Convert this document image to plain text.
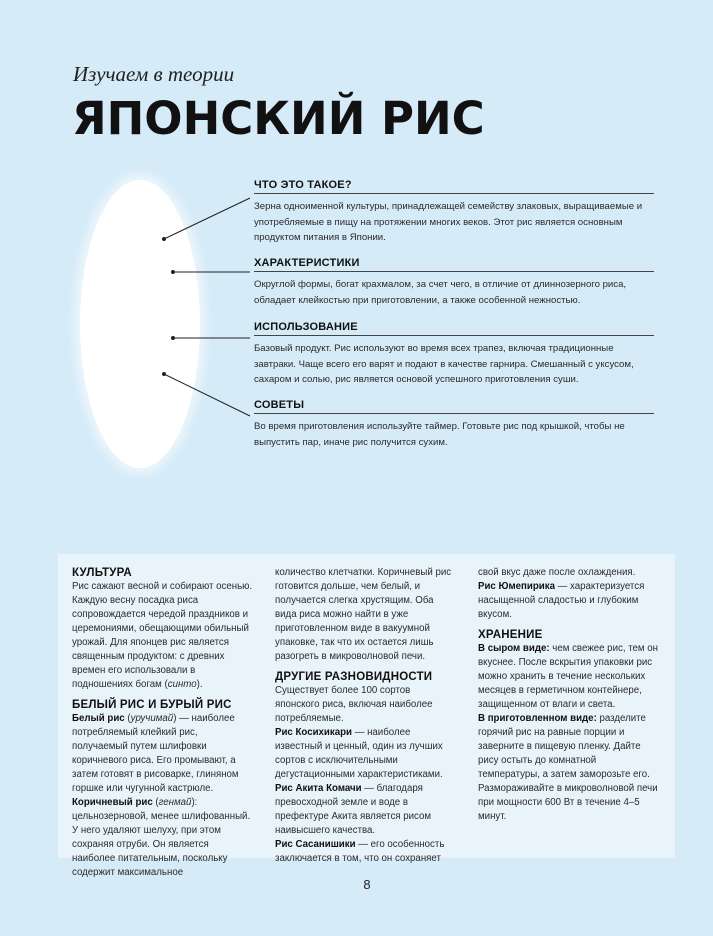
Изучаем в теории
ЯПОНСКИЙ РИС
ЧТО ЭТО ТАКОЕ?

Зерна одноименной культуры, принадлежащей семейству злаковых, выращиваемые и употребляемые в пищу на протяжении многих веков. Этот рис является основным продуктом питания в Японии.

ХАРАКТЕРИСТИКИ

Округлой формы, богат крахмалом, за счет чего, в отличие от длиннозерного риса, обладает клейкостью при приготовлении, а также особенной нежностью.

ИСПОЛЬЗОВАНИЕ

Базовый продукт. Рис используют во время всех трапез, включая традиционные завтраки. Чаще всего его варят и подают в качестве гарнира. Смешанный с уксусом, сахаром и солью, рис является основой успешного приготовления суши.

СОВЕТЫ

Во время приготовления используйте таймер. Готовьте рис под крышкой, чтобы не выпустить пар, иначе рис получится сухим.

КУЛЬТУРА

Рис сажают весной и собирают осенью. Каждую весну посадка риса сопровождается чередой праздников и церемониями, обещающими обильный урожай. Для японцев рис является священным продуктом: с древних времен его использовали в подношениях богам (синто).

БЕЛЫЙ РИС И БУРЫЙ РИС

Белый рис (уручимай) — наиболее потребляемый клейкий рис, получаемый путем шлифовки коричневого риса. Его промывают, а затем готовят в рисоварке, глиняном горшке или чугунной кастрюле. Коричневый рис (генмай): цельнозерновой, менее шлифованный. У него удаляют шелуху, при этом сохраняя отруби. Он является наиболее питательным, поскольку содержит максимальное

количество клетчатки. Коричневый рис готовится дольше, чем белый, и получается слегка хрустящим. Оба вида риса можно найти в уже приготовленном виде в вакуумной упаковке, так что их остается лишь разогреть в микроволновой печи.

ДРУГИЕ РАЗНОВИДНОСТИ

Существует более 100 сортов японского риса, включая наиболее потребляемые.

Рис Косихикари — наиболее известный и ценный, один из лучших сортов с исключительными дегустационными характеристиками.

Рис Акита Комачи — благодаря превосходной земле и воде в префектуре Акита является рисом наивысшего качества.

Рис Сасанишики — его особенность заключается в том, что он сохраняет

свой вкус даже после охлаждения.

Рис Юмепирика — характеризуется насыщенной сладостью и глубоким вкусом.

ХРАНЕНИЕ

В сыром виде: чем свежее рис, тем он вкуснее. После вскрытия упаковки рис можно хранить в течение нескольких месяцев в герметичном контейнере, защищенном от влаги и света.

В приготовленном виде: разделите горячий рис на равные порции и заверните в пищевую пленку. Дайте рису остыть до комнатной температуры, а затем заморозьте его. Размораживайте в микроволновой печи при мощности 600 Вт в течение 4–5 минут.

8
